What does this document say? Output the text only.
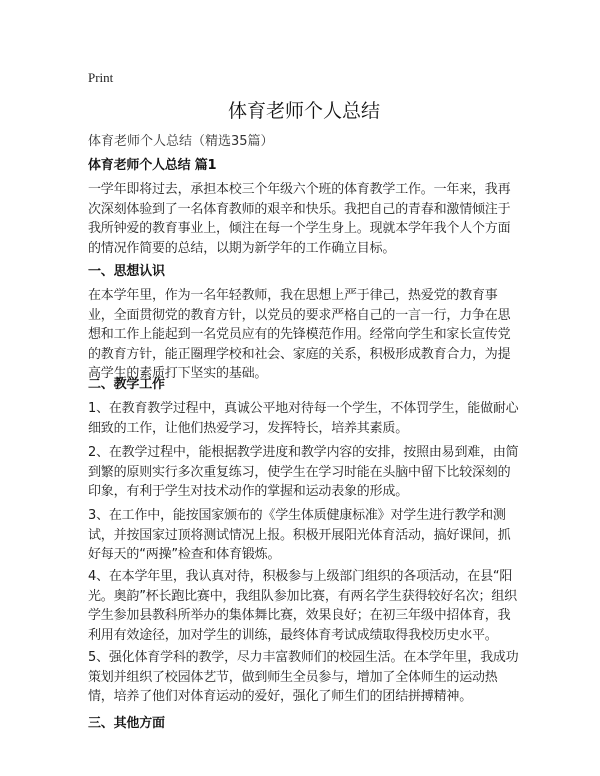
Print
体育老师个人总结
体育老师个人总结（精选35篇）
体育老师个人总结 篇1
一学年即将过去，承担本校三个年级六个班的体育教学工作。一年来，我再次深刻体验到了一名体育教师的艰辛和快乐。我把自己的青春和激情倾注于我所钟爱的教育事业上，倾注在每一个学生身上。现就本学年我个人个方面的情况作简要的总结，以期为新学年的工作确立目标。
一、思想认识
在本学年里，作为一名年轻教师，我在思想上严于律己，热爱党的教育事业，全面贯彻党的教育方针，以党员的要求严格自己的一言一行，力争在思想和工作上能起到一名党员应有的先锋模范作用。经常向学生和家长宣传党的教育方针，能正圈理学校和社会、家庭的关系，积极形成教育合力，为提高学生的素质打下坚实的基础。
二、教学工作
1、在教育教学过程中，真诚公平地对待每一个学生，不体罚学生，能做耐心细致的工作，让他们热爱学习，发挥特长，培养其素质。
2、在教学过程中，能根据教学进度和教学内容的安排，按照由易到难，由简到繁的原则实行多次重复练习，使学生在学习时能在头脑中留下比较深刻的印象，有利于学生对技术动作的掌握和运动表象的形成。
3、在工作中，能按国家颁布的《学生体质健康标准》对学生进行教学和测试，并按国家过顶将测试情况上报。积极开展阳光体育活动，搞好课间，抓好每天的“两操”检查和体育锻炼。
4、在本学年里，我认真对待，积极参与上级部门组织的各项活动，在县“阳光。奥韵”杯长跑比赛中，我组队参加比赛，有两名学生获得较好名次；组织学生参加县教科所举办的集体舞比赛，效果良好；在初三年级中招体育，我利用有效途径，加对学生的训练，最终体育考试成绩取得我校历史水平。
5、强化体育学科的教学，尽力丰富教师们的校园生活。在本学年里，我成功策划并组织了校园体艺节，做到师生全员参与，增加了全体师生的运动热情，培养了他们对体育运动的爱好，强化了师生们的团结拼搏精神。
三、其他方面
